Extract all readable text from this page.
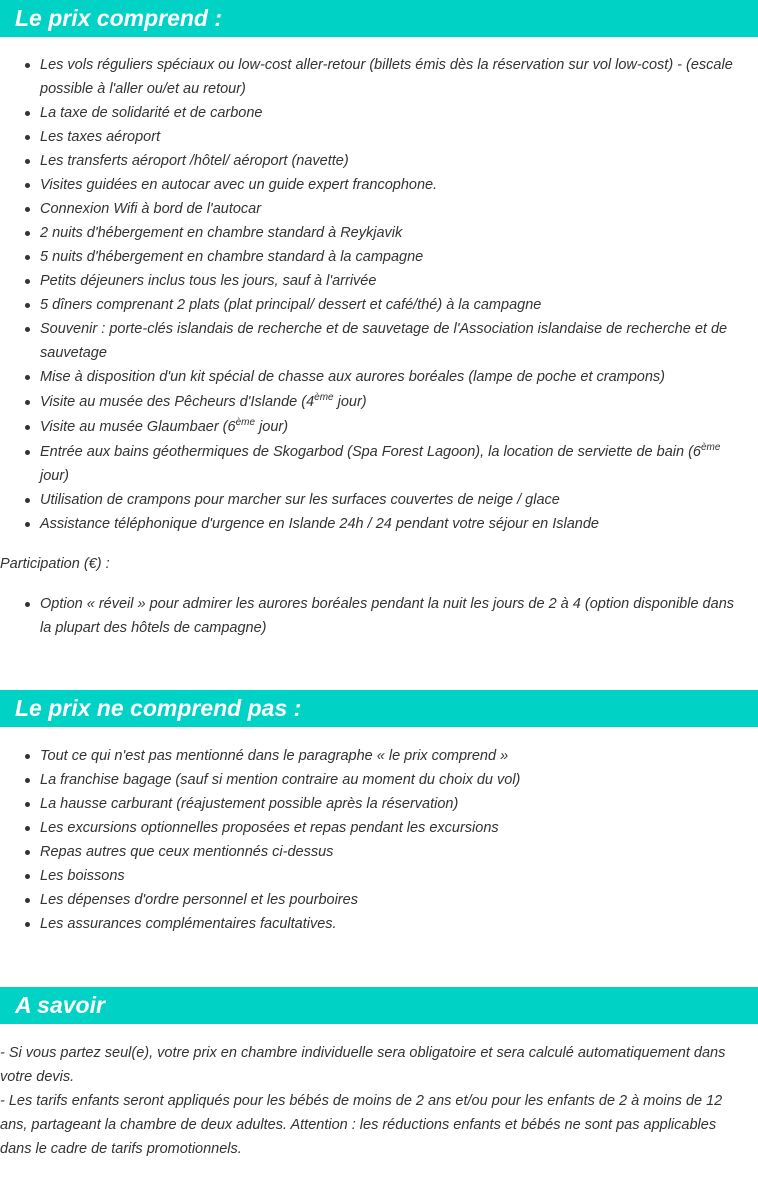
Le prix comprend :
Les vols réguliers spéciaux ou low-cost aller-retour (billets émis dès la réservation sur vol low-cost) - (escale possible à l'aller ou/et au retour)
La taxe de solidarité et de carbone
Les taxes aéroport
Les transferts aéroport /hôtel/ aéroport (navette)
Visites guidées en autocar avec un guide expert francophone.
Connexion Wifi à bord de l'autocar
2 nuits d'hébergement en chambre standard à Reykjavik
5 nuits d'hébergement en chambre standard à la campagne
Petits déjeuners inclus tous les jours, sauf à l'arrivée
5 dîners comprenant 2 plats (plat principal/ dessert et café/thé) à la campagne
Souvenir : porte-clés islandais de recherche et de sauvetage de l'Association islandaise de recherche et de sauvetage
Mise à disposition d'un kit spécial de chasse aux aurores boréales (lampe de poche et crampons)
Visite au musée des Pêcheurs d'Islande (4ème jour)
Visite au musée Glaumbaer (6ème jour)
Entrée aux bains géothermiques de Skogarbod (Spa Forest Lagoon), la location de serviette de bain (6ème jour)
Utilisation de crampons pour marcher sur les surfaces couvertes de neige / glace
Assistance téléphonique d'urgence en Islande 24h / 24 pendant votre séjour en Islande

Participation (€) :

Option « réveil » pour admirer les aurores boréales pendant la nuit les jours de 2 à 4 (option disponible dans la plupart des hôtels de campagne)
Le prix ne comprend pas :
Tout ce qui n'est pas mentionné dans le paragraphe « le prix comprend »
La franchise bagage (sauf si mention contraire au moment du choix du vol)
La hausse carburant (réajustement possible après la réservation)
Les excursions optionnelles proposées et repas pendant les excursions
Repas autres que ceux mentionnés ci-dessus
Les boissons
Les dépenses d'ordre personnel et les pourboires
Les assurances complémentaires facultatives.
A savoir

- Si vous partez seul(e), votre prix en chambre individuelle sera obligatoire et sera calculé automatiquement dans votre devis.

- Les tarifs enfants seront appliqués pour les bébés de moins de 2 ans et/ou pour les enfants de 2 à moins de 12 ans, partageant la chambre de deux adultes. Attention : les réductions enfants et bébés ne sont pas applicables dans le cadre de tarifs promotionnels.
